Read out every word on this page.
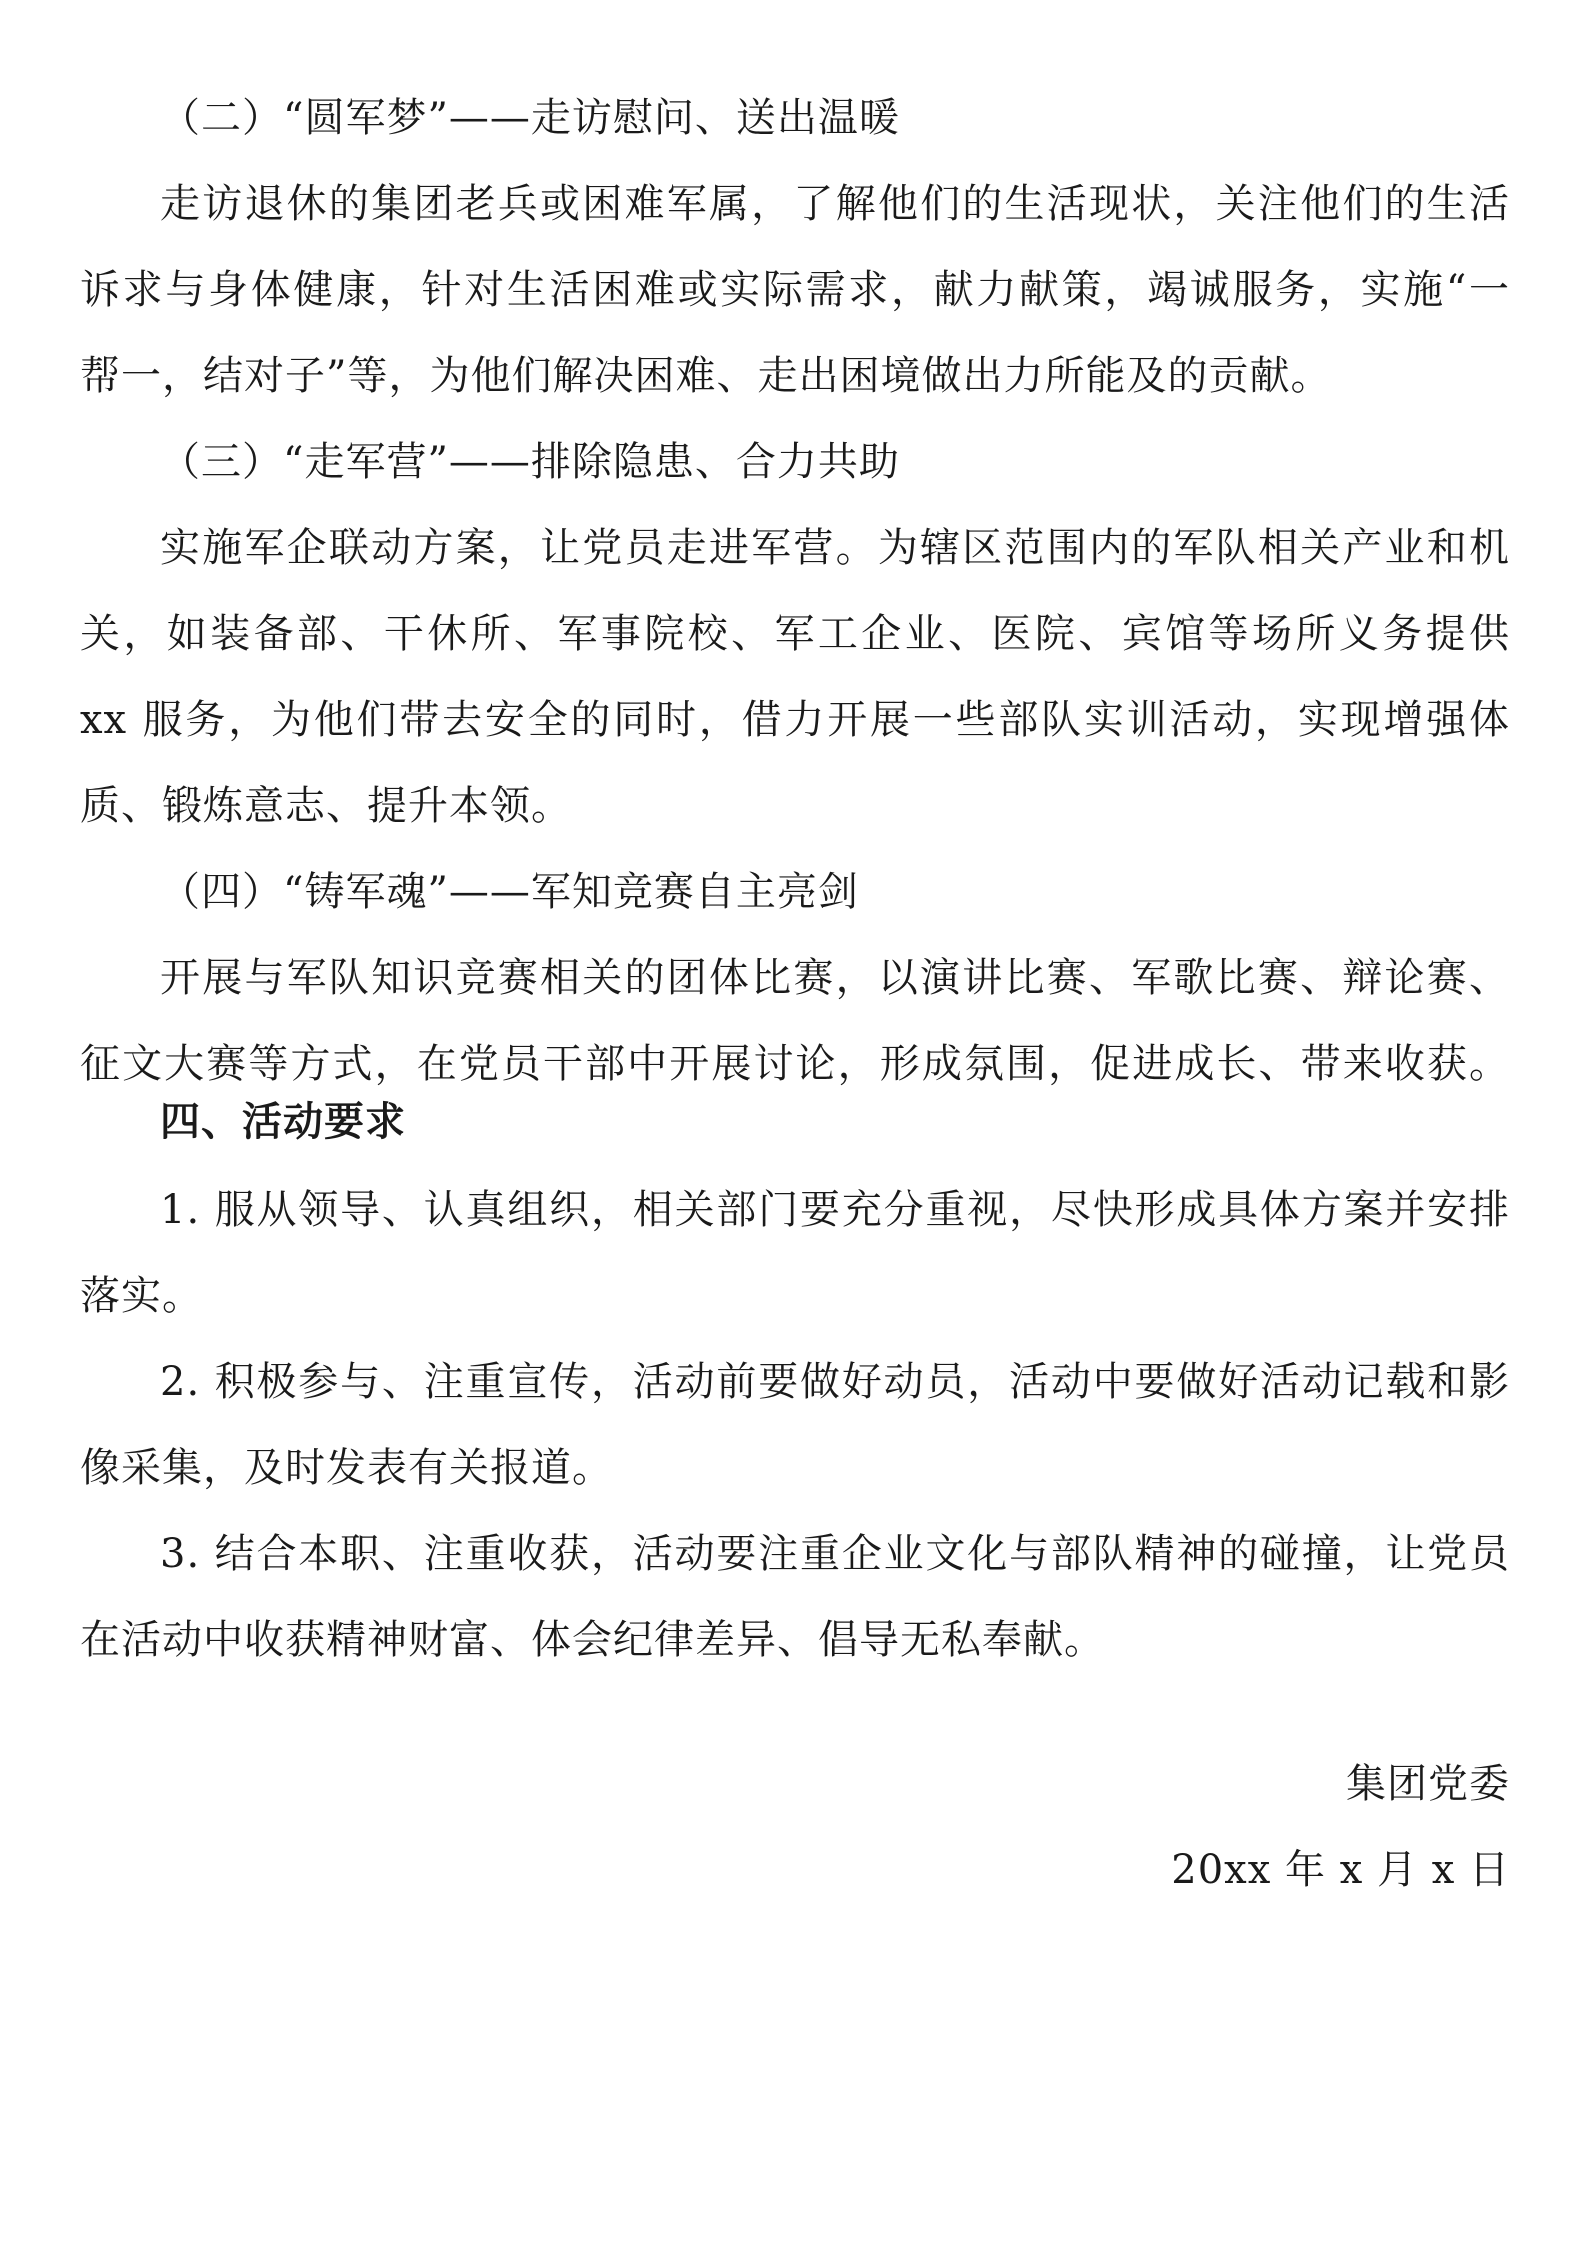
（二）“圆军梦”——走访慰问、送出温暖
走访退休的集团老兵或困难军属，了解他们的生活现状，关注他们的生活
诉求与身体健康，针对生活困难或实际需求，献力献策，竭诚服务，实施“一
帮一，结对子”等，为他们解决困难、走出困境做出力所能及的贡献。
（三）“走军营”——排除隐患、合力共助
实施军企联动方案，让党员走进军营。为辖区范围内的军队相关产业和机
关，如装备部、干休所、军事院校、军工企业、医院、宾馆等场所义务提供
xx 服务，为他们带去安全的同时，借力开展一些部队实训活动，实现增强体
质、锻炼意志、提升本领。
（四）“铸军魂”——军知竞赛自主亮剑
开展与军队知识竞赛相关的团体比赛，以演讲比赛、军歌比赛、辩论赛、
征文大赛等方式，在党员干部中开展讨论，形成氛围，促进成长、带来收获。
四、活动要求
1. 服从领导、认真组织，相关部门要充分重视，尽快形成具体方案并安排
落实。
2. 积极参与、注重宣传，活动前要做好动员，活动中要做好活动记载和影
像采集，及时发表有关报道。
3. 结合本职、注重收获，活动要注重企业文化与部队精神的碰撞，让党员
在活动中收获精神财富、体会纪律差异、倡导无私奉献。
集团党委
20xx 年 x 月 x 日
